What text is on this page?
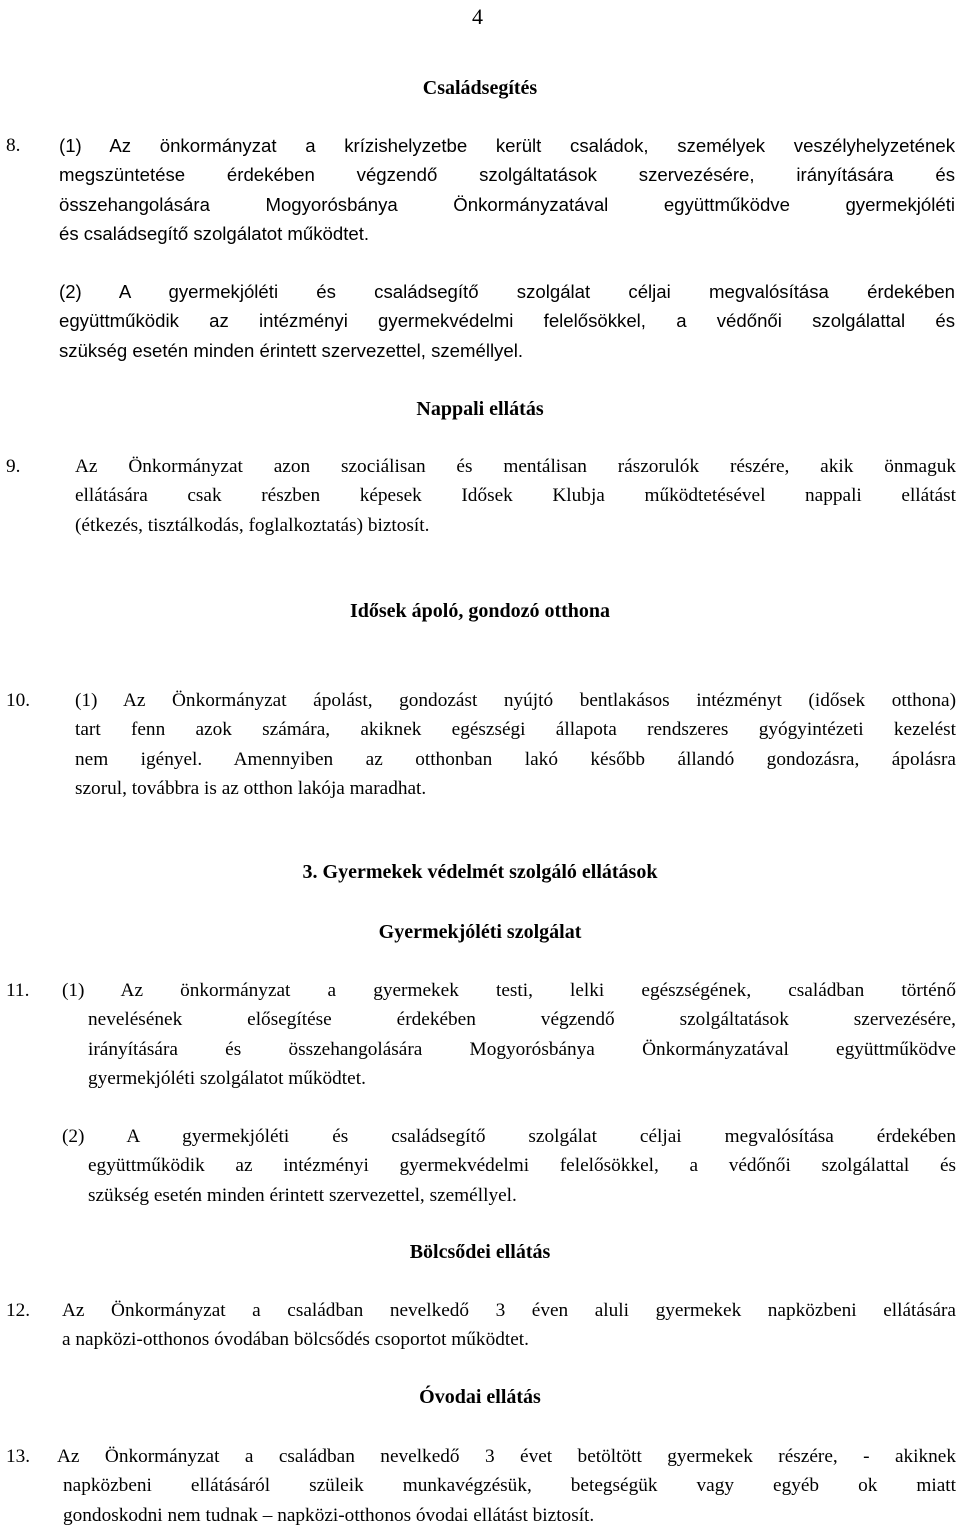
4
Családsegítés
8. (1) Az önkormányzat a krízishelyzetbe került családok, személyek veszélyhelyzetének
megszüntetése érdekében végzendő szolgáltatások szervezésére, irányítására és
összehangolására Mogyorósbánya Önkormányzatával együttműködve gyermekjóléti
és családsegítő szolgálatot működtet.
(2) A gyermekjóléti és családsegítő szolgálat céljai megvalósítása érdekében
együttműködik az intézményi gyermekvédelmi felelősökkel, a védőnői szolgálattal és
szükség esetén minden érintett szervezettel, személlyel.
Nappali ellátás
9.	Az Önkormányzat azon szociálisan és mentálisan rászorulók részére, akik önmaguk
ellátására csak részben képesek Idősek Klubja működtetésével nappali ellátást
(étkezés, tisztálkodás, foglalkoztatás) biztosít.
Idősek ápoló, gondozó otthona
10. (1) Az Önkormányzat ápolást, gondozást nyújtó bentlakásos intézményt (idősek otthona)
tart fenn azok számára, akiknek egészségi állapota rendszeres gyógyintézeti kezelést
nem igényel. Amennyiben az otthonban lakó később állandó gondozásra, ápolásra
szorul, továbbra is az otthon lakója maradhat.
3. Gyermekek védelmét szolgáló ellátások
Gyermekjóléti szolgálat
11. (1) Az önkormányzat a gyermekek testi, lelki egészségének, családban történő
nevelésének elősegítése érdekében végzendő szolgáltatások szervezésére,
irányítására és összehangolására Mogyorósbánya Önkormányzatával együttműködve
gyermekjóléti szolgálatot működtet.
(2) A gyermekjóléti és családsegítő szolgálat céljai megvalósítása érdekében
együttműködik az intézményi gyermekvédelmi felelősökkel, a védőnői szolgálattal és
szükség esetén minden érintett szervezettel, személlyel.
Bölcsődei ellátás
12. Az Önkormányzat a családban nevelkedő 3 éven aluli gyermekek napközbeni ellátására
a napközi-otthonos óvodában bölcsődés csoportot működtet.
Óvodai ellátás
13. Az Önkormányzat a családban nevelkedő 3 évet betöltött gyermekek részére, - akiknek
napközbeni ellátásáról szüleik munkavégzésük, betegségük vagy egyéb ok miatt
gondoskodni nem tudnak – napközi-otthonos óvodai ellátást biztosít.
